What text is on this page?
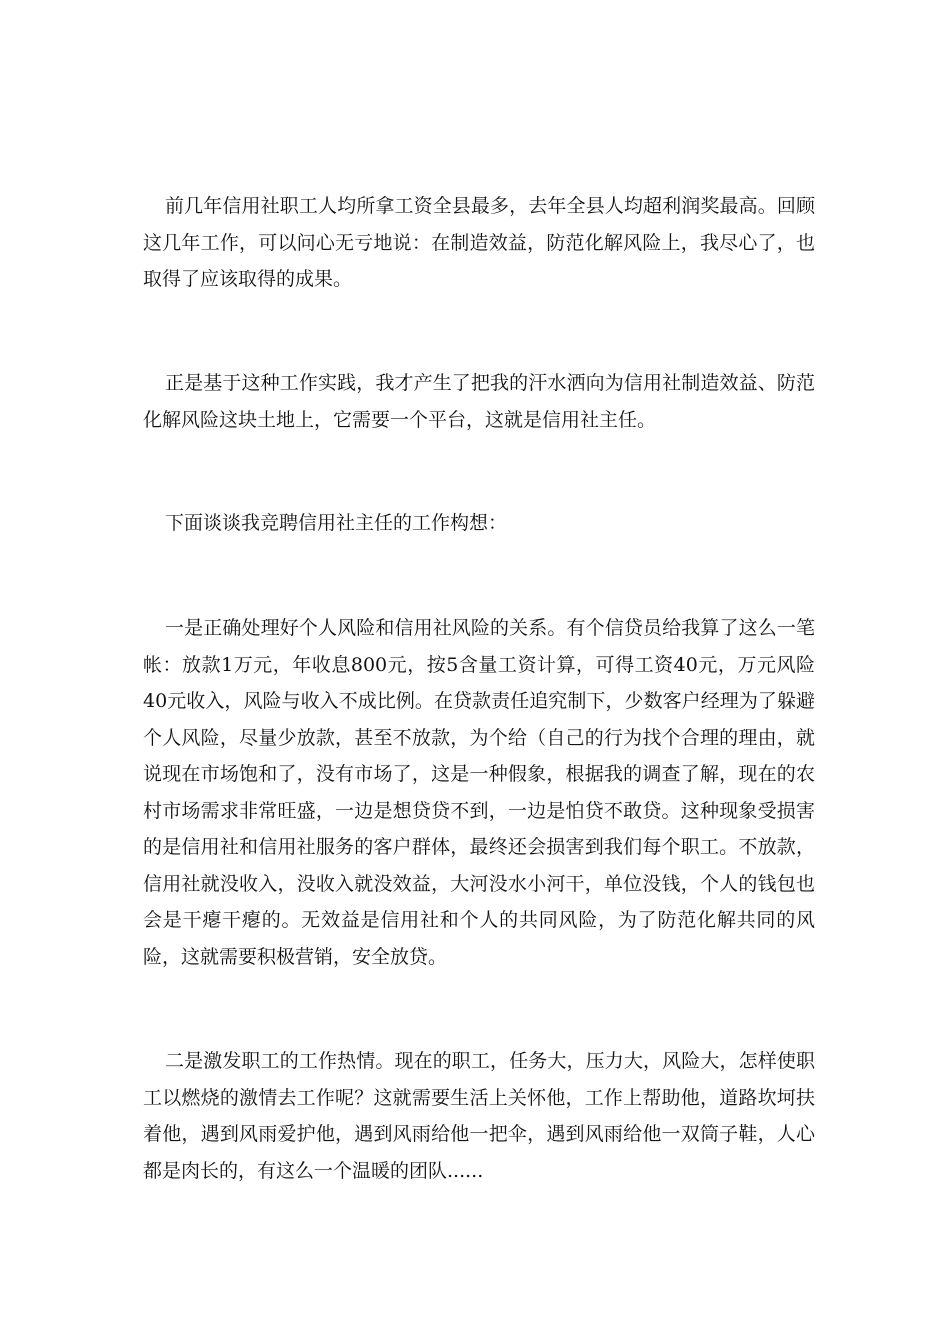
前几年信用社职工人均所拿工资全县最多，去年全县人均超利润奖最高。回顾这几年工作，可以问心无亏地说：在制造效益，防范化解风险上，我尽心了，也取得了应该取得的成果。

正是基于这种工作实践，我才产生了把我的汗水洒向为信用社制造效益、防范化解风险这块土地上，它需要一个平台，这就是信用社主任。

下面谈谈我竞聘信用社主任的工作构想：

一是正确处理好个人风险和信用社风险的关系。有个信贷员给我算了这么一笔帐：放款1万元，年收息800元，按5含量工资计算，可得工资40元，万元风险40元收入，风险与收入不成比例。在贷款责任追究制下，少数客户经理为了躲避个人风险，尽量少放款，甚至不放款，为个给（自己的行为找个合理的理由，就说现在市场饱和了，没有市场了，这是一种假象，根据我的调查了解，现在的农村市场需求非常旺盛，一边是想贷贷不到，一边是怕贷不敢贷。这种现象受损害的是信用社和信用社服务的客户群体，最终还会损害到我们每个职工。不放款，信用社就没收入，没收入就没效益，大河没水小河干，单位没钱，个人的钱包也会是干瘪干瘪的。无效益是信用社和个人的共同风险，为了防范化解共同的风险，这就需要积极营销，安全放贷。

二是激发职工的工作热情。现在的职工，任务大，压力大，风险大，怎样使职工以燃烧的激情去工作呢？这就需要生活上关怀他，工作上帮助他，道路坎坷扶着他，遇到风雨爱护他，遇到风雨给他一把伞，遇到风雨给他一双筒子鞋，人心都是肉长的，有这么一个温暖的团队......
